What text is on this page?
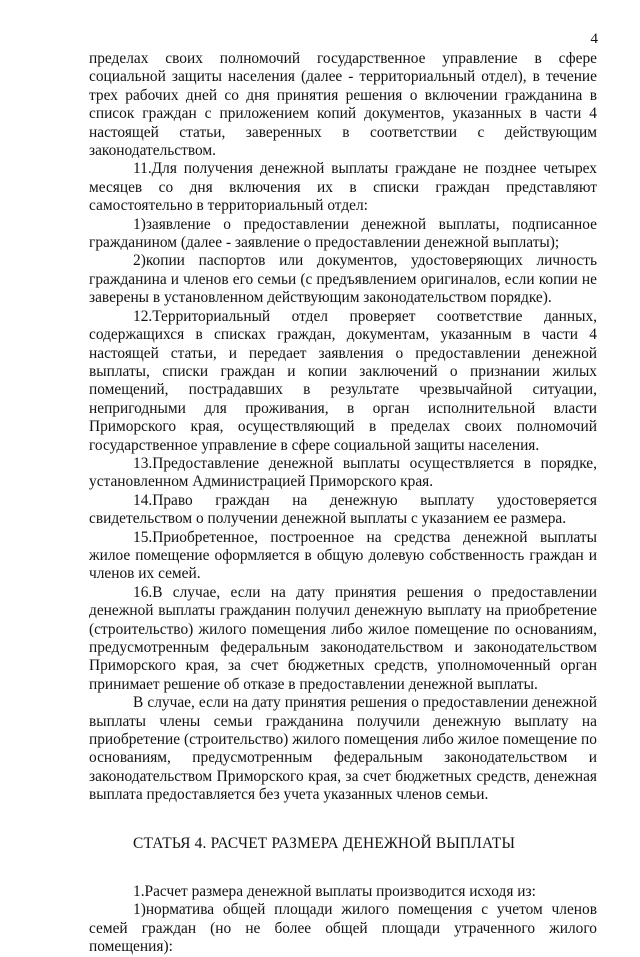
4

пределах своих полномочий государственное управление в сфере социальной защиты населения (далее - территориальный отдел), в течение трех рабочих дней со дня принятия решения о включении гражданина в список граждан с приложением копий документов, указанных в части 4 настоящей статьи, заверенных в соответствии с действующим законодательством.

11.Для получения денежной выплаты граждане не позднее четырех месяцев со дня включения их в списки граждан представляют самостоятельно в территориальный отдел:

1)заявление о предоставлении денежной выплаты, подписанное гражданином (далее - заявление о предоставлении денежной выплаты);

2)копии паспортов или документов, удостоверяющих личность гражданина и членов его семьи (с предъявлением оригиналов, если копии не заверены в установленном действующим законодательством порядке).

12.Территориальный отдел проверяет соответствие данных, содержащихся в списках граждан, документам, указанным в части 4 настоящей статьи, и передает заявления о предоставлении денежной выплаты, списки граждан и копии заключений о признании жилых помещений, пострадавших в результате чрезвычайной ситуации, непригодными для проживания, в орган исполнительной власти Приморского края, осуществляющий в пределах своих полномочий государственное управление в сфере социальной защиты населения.

13.Предоставление денежной выплаты осуществляется в порядке, установленном Администрацией Приморского края.

14.Право граждан на денежную выплату удостоверяется свидетельством о получении денежной выплаты с указанием ее размера.

15.Приобретенное, построенное на средства денежной выплаты жилое помещение оформляется в общую долевую собственность граждан и членов их семей.

16.В случае, если на дату принятия решения о предоставлении денежной выплаты гражданин получил денежную выплату на приобретение (строительство) жилого помещения либо жилое помещение по основаниям, предусмотренным федеральным законодательством и законодательством Приморского края, за счет бюджетных средств, уполномоченный орган принимает решение об отказе в предоставлении денежной выплаты.

В случае, если на дату принятия решения о предоставлении денежной выплаты члены семьи гражданина получили денежную выплату на приобретение (строительство) жилого помещения либо жилое помещение по основаниям, предусмотренным федеральным законодательством и законодательством Приморского края, за счет бюджетных средств, денежная выплата предоставляется без учета указанных членов семьи.

СТАТЬЯ 4. РАСЧЕТ РАЗМЕРА ДЕНЕЖНОЙ ВЫПЛАТЫ

1.Расчет размера денежной выплаты производится исходя из:

1)норматива общей площади жилого помещения с учетом членов семей граждан (но не более общей площади утраченного жилого помещения):
